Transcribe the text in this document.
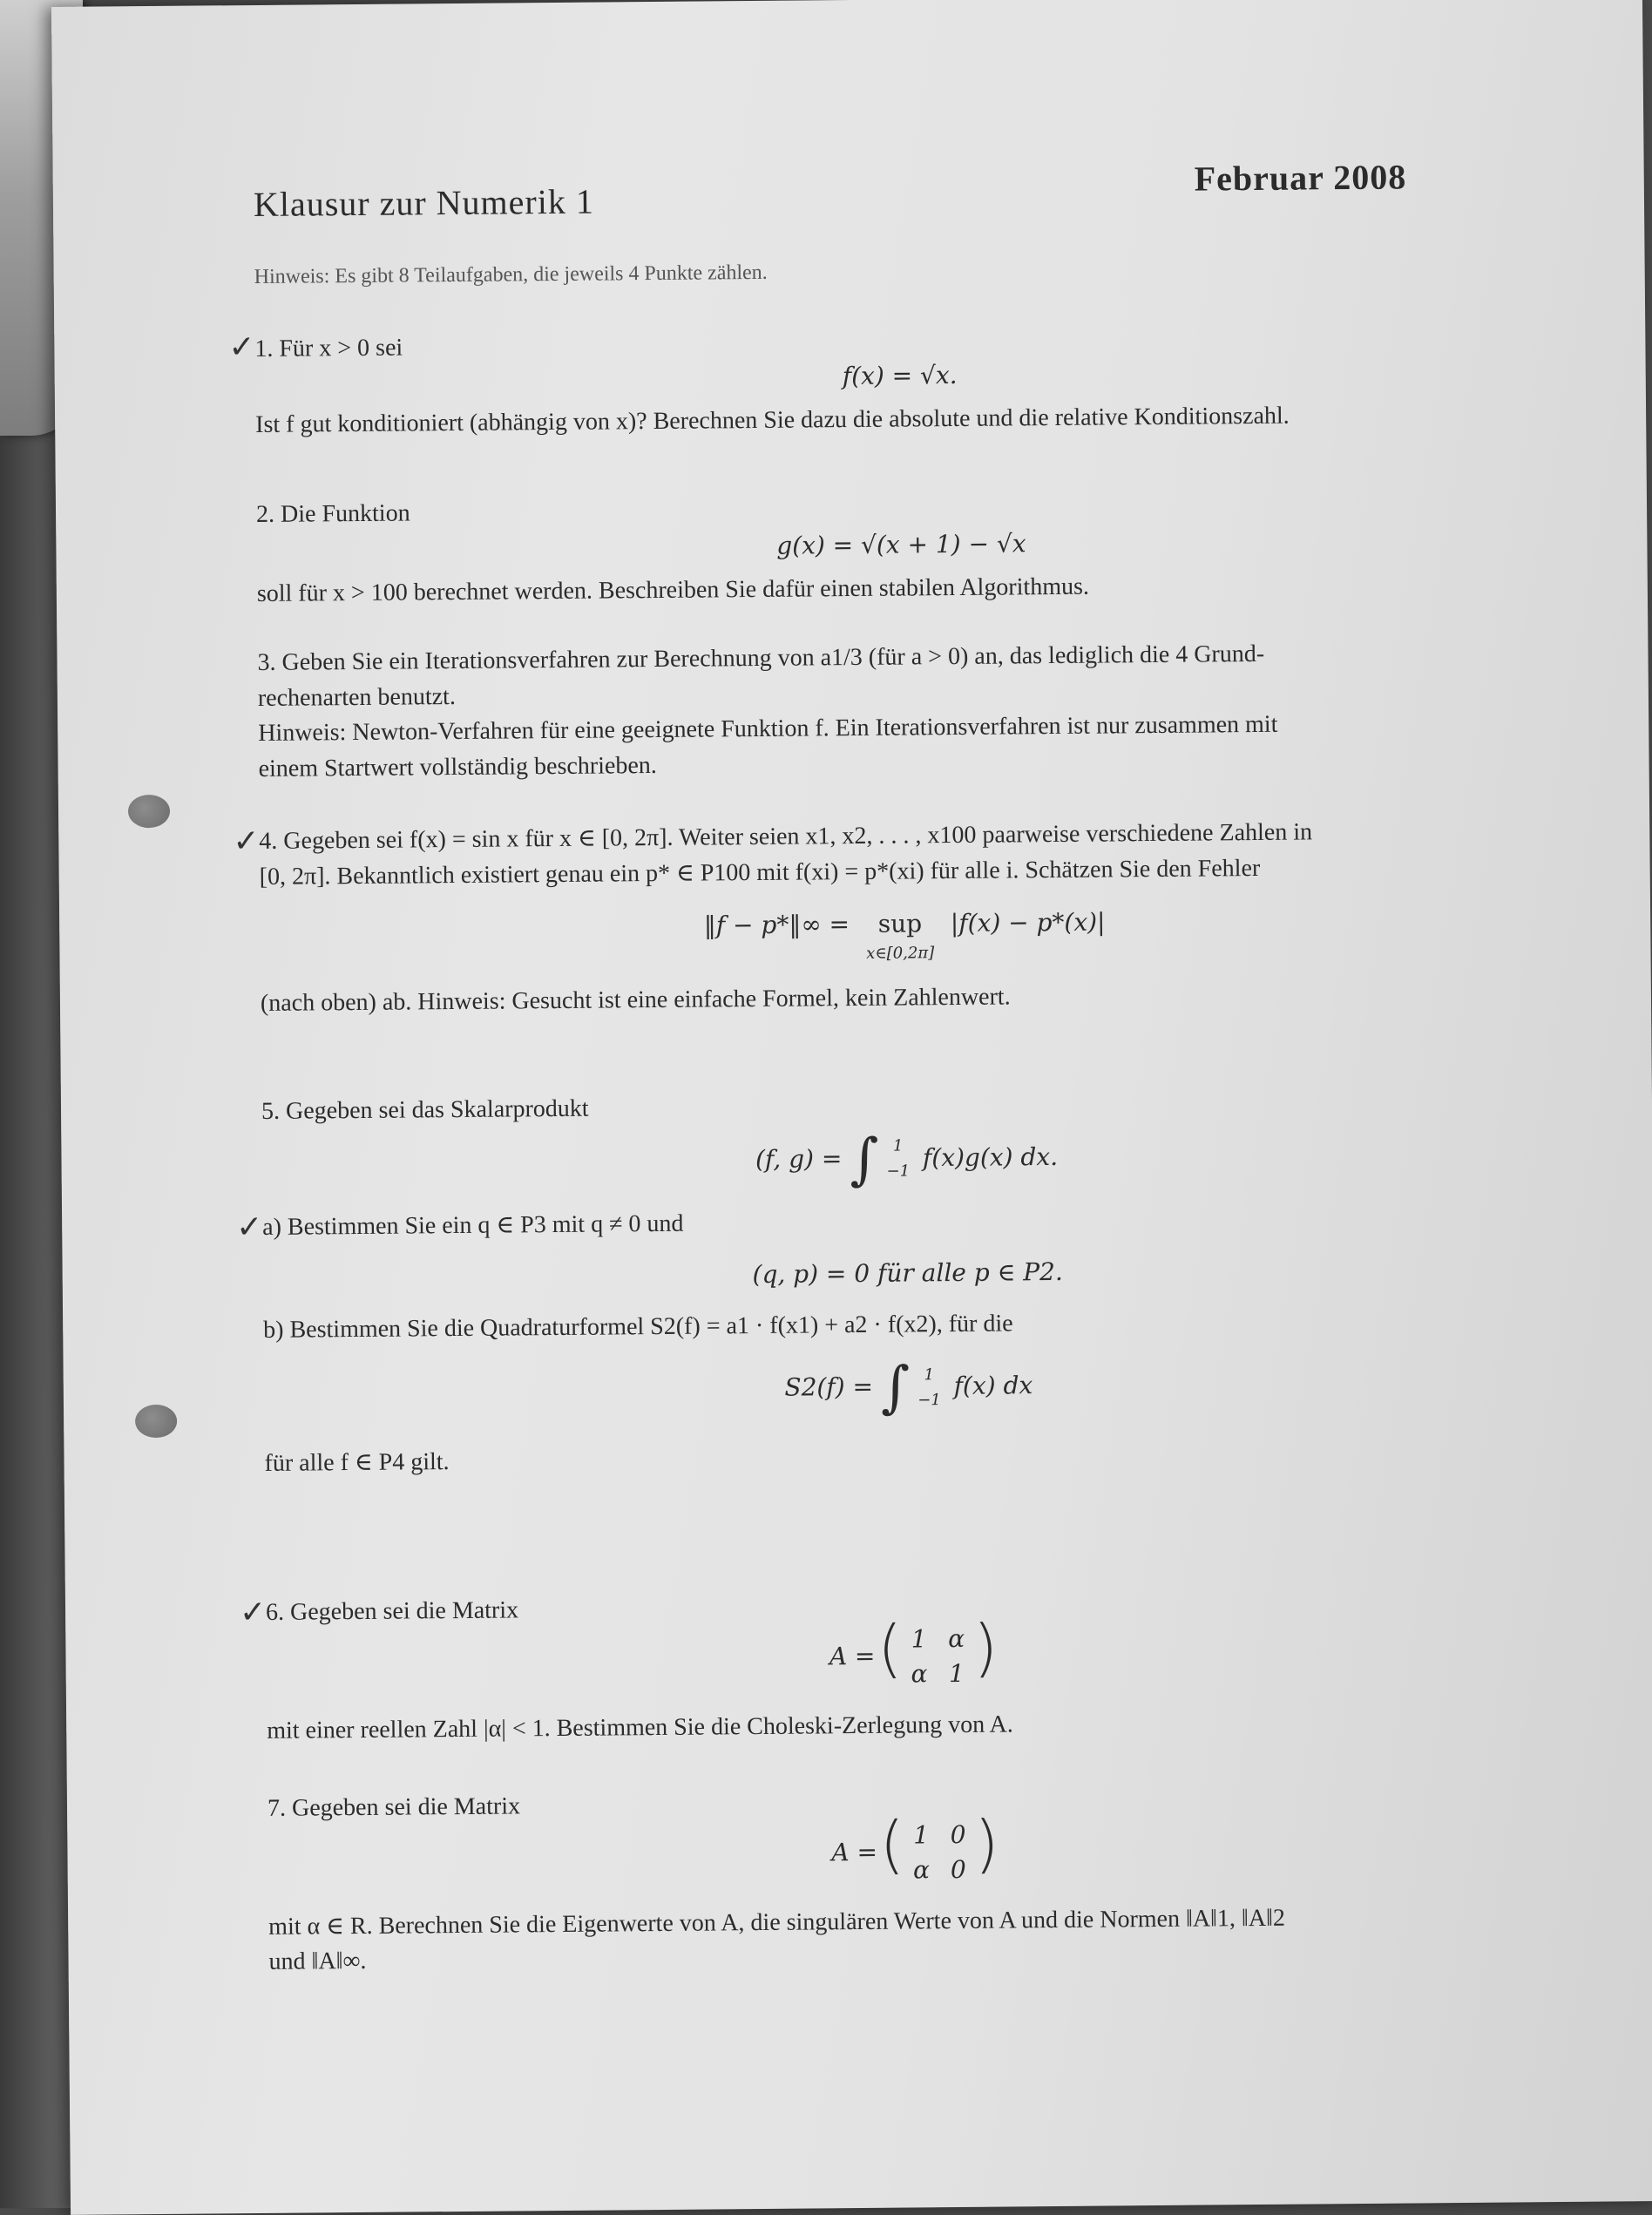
Klausur zur Numerik 1
Februar 2008
Hinweis: Es gibt 8 Teilaufgaben, die jeweils 4 Punkte zählen.
✓ 1. Für x > 0 sei
f(x) = √x.
Ist f gut konditioniert (abhängig von x)? Berechnen Sie dazu die absolute und die relative Konditionszahl.
2. Die Funktion
g(x) = √(x + 1) − √x
soll für x > 100 berechnet werden. Beschreiben Sie dafür einen stabilen Algorithmus.
3. Geben Sie ein Iterationsverfahren zur Berechnung von a1/3 (für a > 0) an, das lediglich die 4 Grund-
rechenarten benutzt.
Hinweis: Newton-Verfahren für eine geeignete Funktion f. Ein Iterationsverfahren ist nur zusammen mit
einem Startwert vollständig beschrieben.
✓ 4. Gegeben sei f(x) = sin x für x ∈ [0, 2π]. Weiter seien x1, x2, . . . , x100 paarweise verschiedene Zahlen in
[0, 2π]. Bekanntlich existiert genau ein p* ∈ P100 mit f(xi) = p*(xi) für alle i. Schätzen Sie den Fehler
‖f − p*‖∞ =	sup
x∈[0,2π]
|f(x) − p*(x)|
(nach oben) ab. Hinweis: Gesucht ist eine einfache Formel, kein Zahlenwert.
5. Gegeben sei das Skalarprodukt
(f, g) = ∫ 1
−1 f(x)g(x) dx.
✓ a) Bestimmen Sie ein q ∈ P3 mit q ≠ 0 und
(q, p) = 0 für alle p ∈ P2.
b) Bestimmen Sie die Quadraturformel S2(f) = a1 · f(x1) + a2 · f(x2), für die
S2(f) = ∫ 1
−1 f(x) dx
für alle f ∈ P4 gilt.
✓ 6. Gegeben sei die Matrix
A = ( 1	α
α	1 )
mit einer reellen Zahl |α| < 1. Bestimmen Sie die Choleski-Zerlegung von A.
7. Gegeben sei die Matrix
A = ( 1	0
α	0 )
mit α ∈ R. Berechnen Sie die Eigenwerte von A, die singulären Werte von A und die Normen ‖A‖1, ‖A‖2
und ‖A‖∞.
